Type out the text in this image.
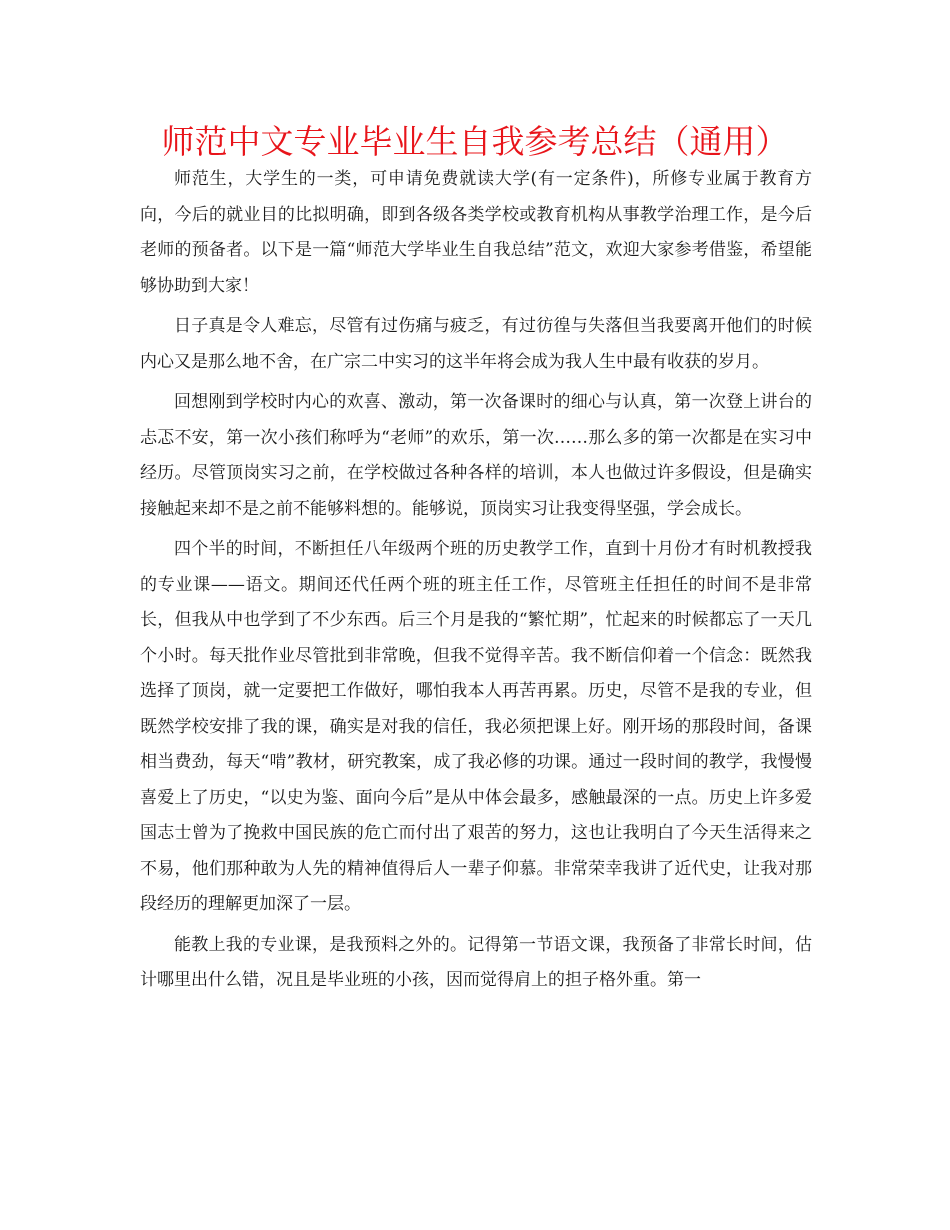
师范中文专业毕业生自我参考总结（通用）

师范生，大学生的一类，可申请免费就读大学(有一定条件)，所修专业属于教育方向，今后的就业目的比拟明确，即到各级各类学校或教育机构从事教学治理工作，是今后老师的预备者。以下是一篇“师范大学毕业生自我总结”范文，欢迎大家参考借鉴，希望能够协助到大家！

日子真是令人难忘，尽管有过伤痛与疲乏，有过彷徨与失落但当我要离开他们的时候内心又是那么地不舍，在广宗二中实习的这半年将会成为我人生中最有收获的岁月。

回想刚到学校时内心的欢喜、激动，第一次备课时的细心与认真，第一次登上讲台的忐忑不安，第一次小孩们称呼为“老师”的欢乐，第一次……那么多的第一次都是在实习中经历。尽管顶岗实习之前，在学校做过各种各样的培训，本人也做过许多假设，但是确实接触起来却不是之前不能够料想的。能够说，顶岗实习让我变得坚强，学会成长。

四个半的时间，不断担任八年级两个班的历史教学工作，直到十月份才有时机教授我的专业课——语文。期间还代任两个班的班主任工作，尽管班主任担任的时间不是非常长，但我从中也学到了不少东西。后三个月是我的“繁忙期”，忙起来的时候都忘了一天几个小时。每天批作业尽管批到非常晚，但我不觉得辛苦。我不断信仰着一个信念：既然我选择了顶岗，就一定要把工作做好，哪怕我本人再苦再累。历史，尽管不是我的专业，但既然学校安排了我的课，确实是对我的信任，我必须把课上好。刚开场的那段时间，备课相当费劲，每天“啃”教材，研究教案，成了我必修的功课。通过一段时间的教学，我慢慢喜爱上了历史，“以史为鉴、面向今后”是从中体会最多，感触最深的一点。历史上许多爱国志士曾为了挽救中国民族的危亡而付出了艰苦的努力，这也让我明白了今天生活得来之不易，他们那种敢为人先的精神值得后人一辈子仰慕。非常荣幸我讲了近代史，让我对那段经历的理解更加深了一层。

能教上我的专业课，是我预料之外的。记得第一节语文课，我预备了非常长时间，估计哪里出什么错，况且是毕业班的小孩，因而觉得肩上的担子格外重。第一
